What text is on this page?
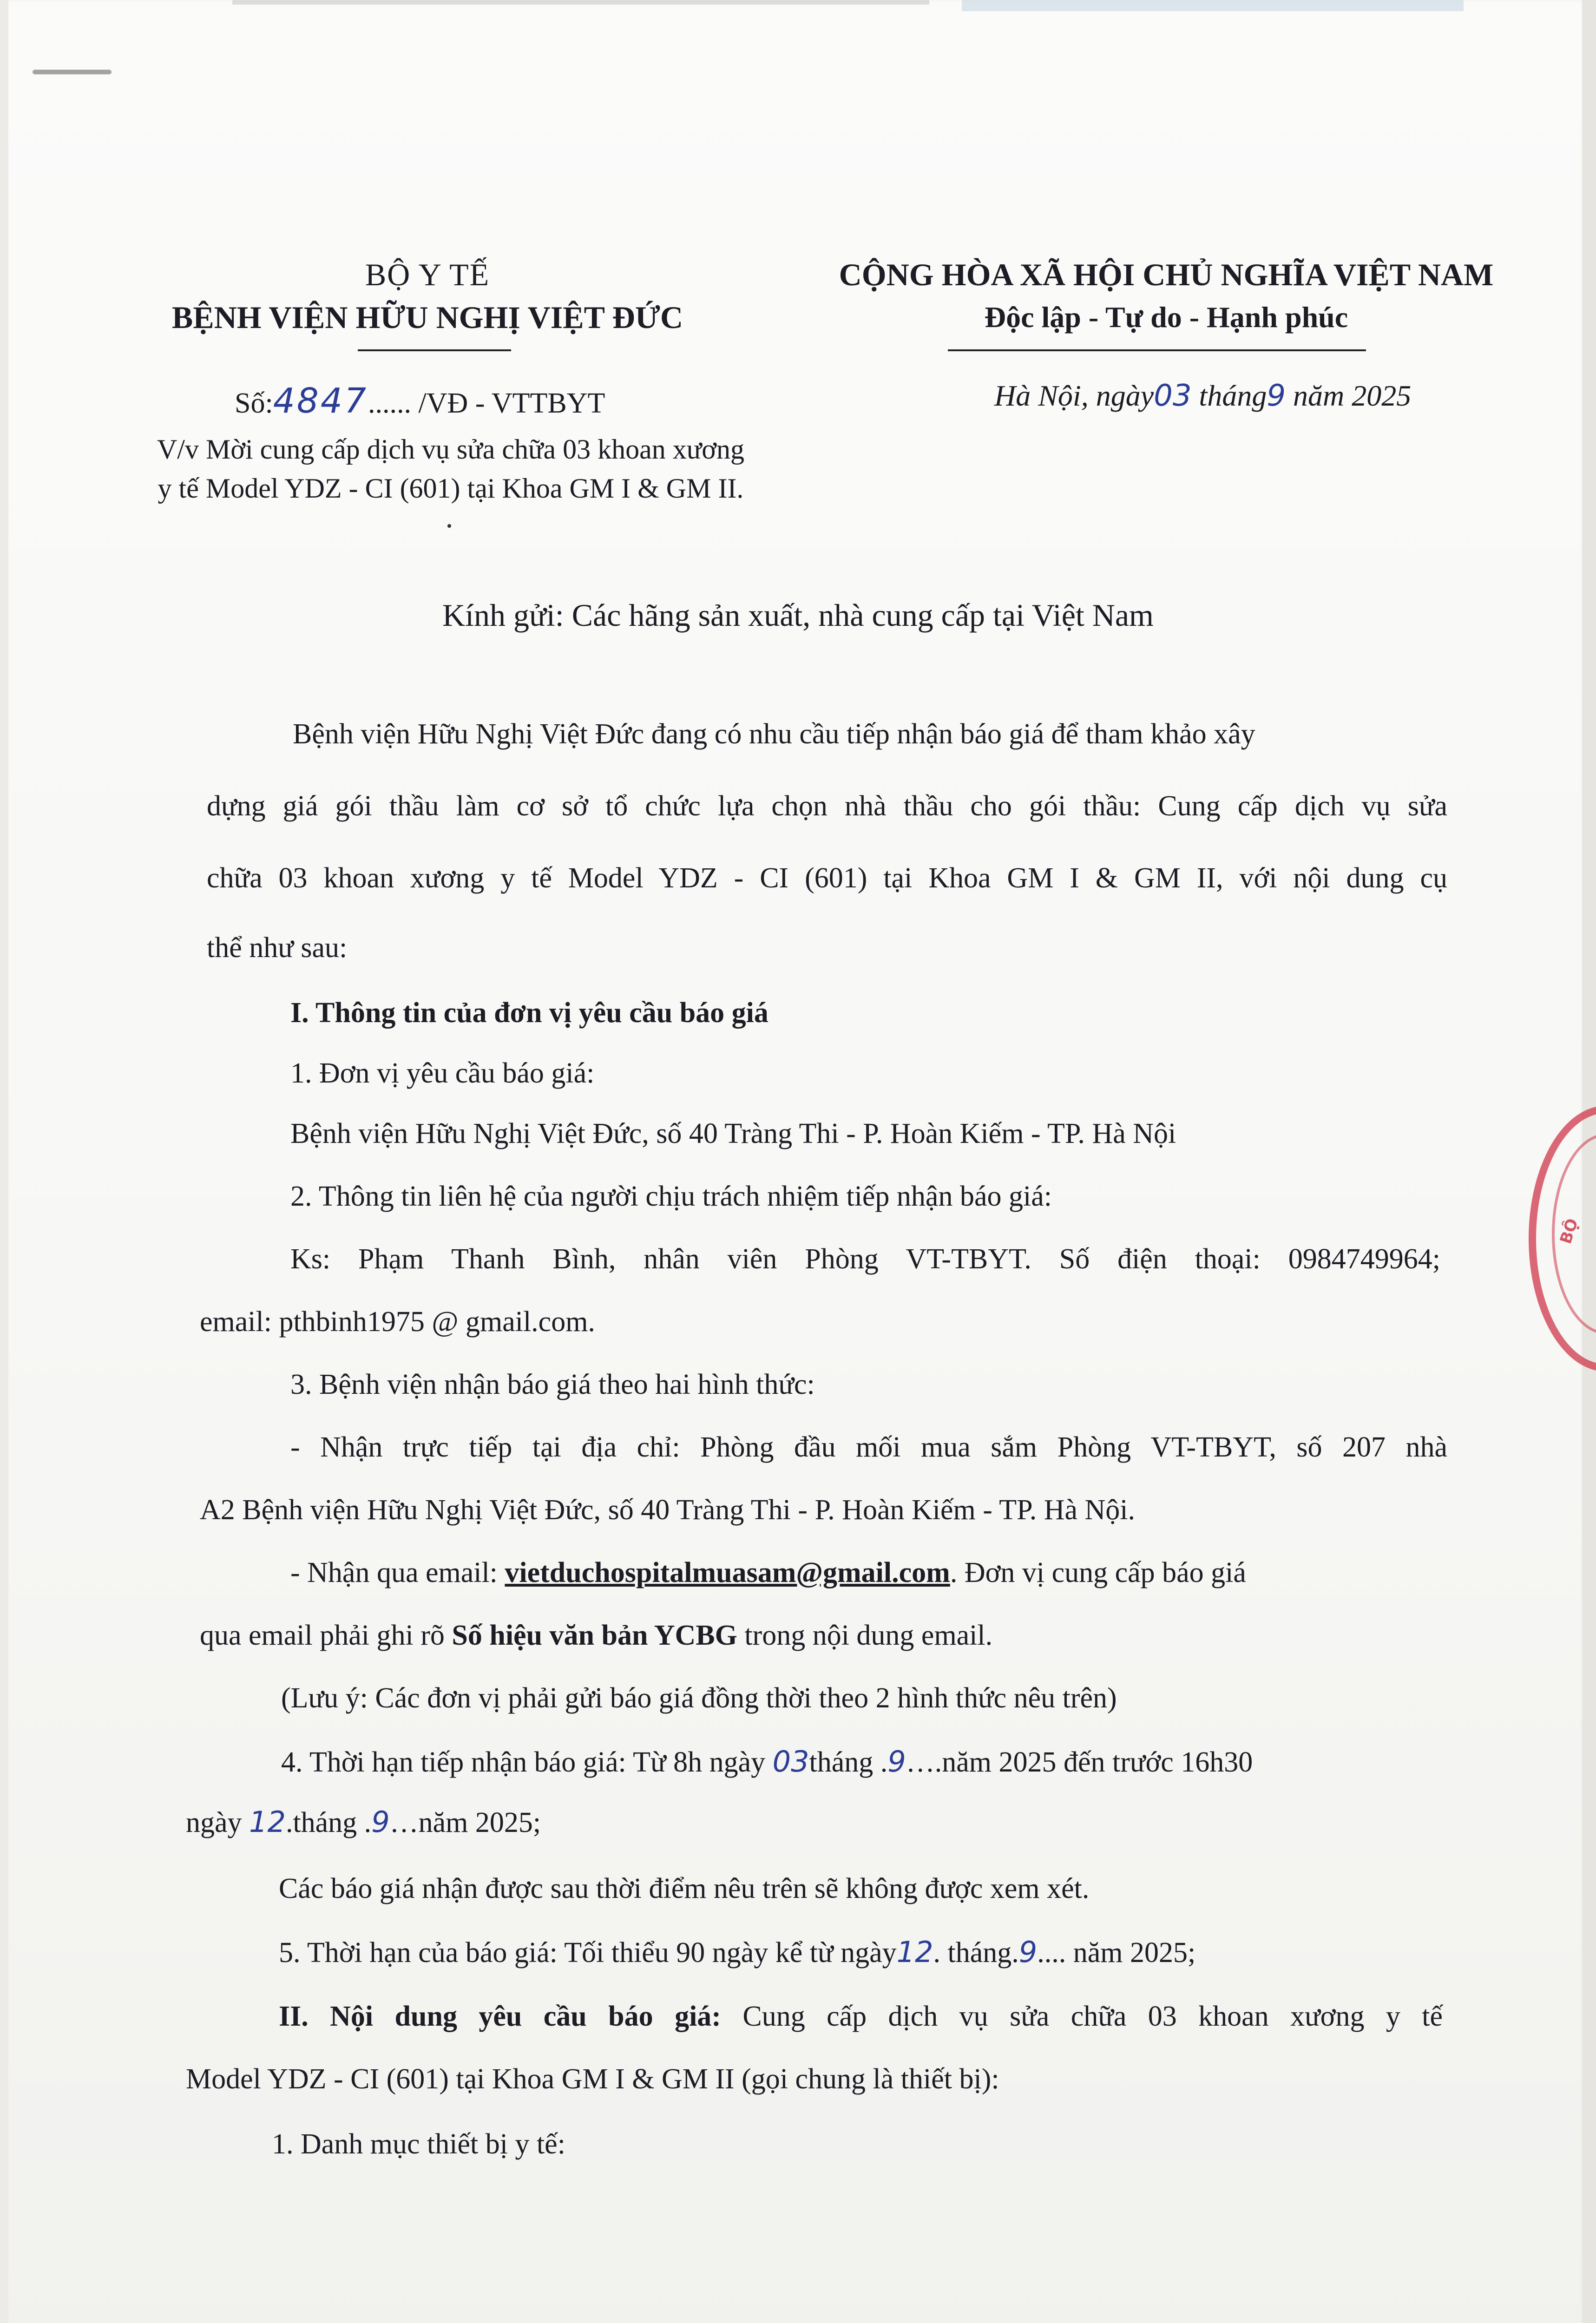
BỘ Y TẾ
BỆNH VIỆN HỮU NGHỊ VIỆT ĐỨC
CỘNG HÒA XÃ HỘI CHỦ NGHĨA VIỆT NAM
Độc lập - Tự do - Hạnh phúc
Số:4847...... /VĐ - VTTBYT	Hà Nội, ngày03 tháng9 năm 2025
V/v Mời cung cấp dịch vụ sửa chữa 03 khoan xương
y tế Model YDZ - CI (601) tại Khoa GM I & GM II.
Kính gửi: Các hãng sản xuất, nhà cung cấp tại Việt Nam
Bệnh viện Hữu Nghị Việt Đức đang có nhu cầu tiếp nhận báo giá để tham khảo xây
dựng giá gói thầu làm cơ sở tổ chức lựa chọn nhà thầu cho gói thầu: Cung cấp dịch vụ sửa
chữa 03 khoan xương y tế Model YDZ - CI (601) tại Khoa GM I & GM II, với nội dung cụ
thể như sau:
I. Thông tin của đơn vị yêu cầu báo giá
1. Đơn vị yêu cầu báo giá:
Bệnh viện Hữu Nghị Việt Đức, số 40 Tràng Thi - P. Hoàn Kiếm - TP. Hà Nội
2. Thông tin liên hệ của người chịu trách nhiệm tiếp nhận báo giá:
Ks: Phạm Thanh Bình, nhân viên Phòng VT-TBYT. Số điện thoại: 0984749964;
email: pthbinh1975 @ gmail.com.
3. Bệnh viện nhận báo giá theo hai hình thức:
- Nhận trực tiếp tại địa chỉ: Phòng đầu mối mua sắm Phòng VT-TBYT, số 207 nhà
A2 Bệnh viện Hữu Nghị Việt Đức, số 40 Tràng Thi - P. Hoàn Kiếm - TP. Hà Nội.
- Nhận qua email: vietduchospitalmuasam@gmail.com. Đơn vị cung cấp báo giá
qua email phải ghi rõ Số hiệu văn bản YCBG trong nội dung email.
(Lưu ý: Các đơn vị phải gửi báo giá đồng thời theo 2 hình thức nêu trên)
4. Thời hạn tiếp nhận báo giá: Từ 8h ngày 03tháng .9….năm 2025 đến trước 16h30
ngày 12.tháng .9…năm 2025;
Các báo giá nhận được sau thời điểm nêu trên sẽ không được xem xét.
5. Thời hạn của báo giá: Tối thiểu 90 ngày kể từ ngày12. tháng.9.... năm 2025;
II. Nội dung yêu cầu báo giá: Cung cấp dịch vụ sửa chữa 03 khoan xương y tế
Model YDZ - CI (601) tại Khoa GM I & GM II (gọi chung là thiết bị):
1. Danh mục thiết bị y tế:
BỘ
